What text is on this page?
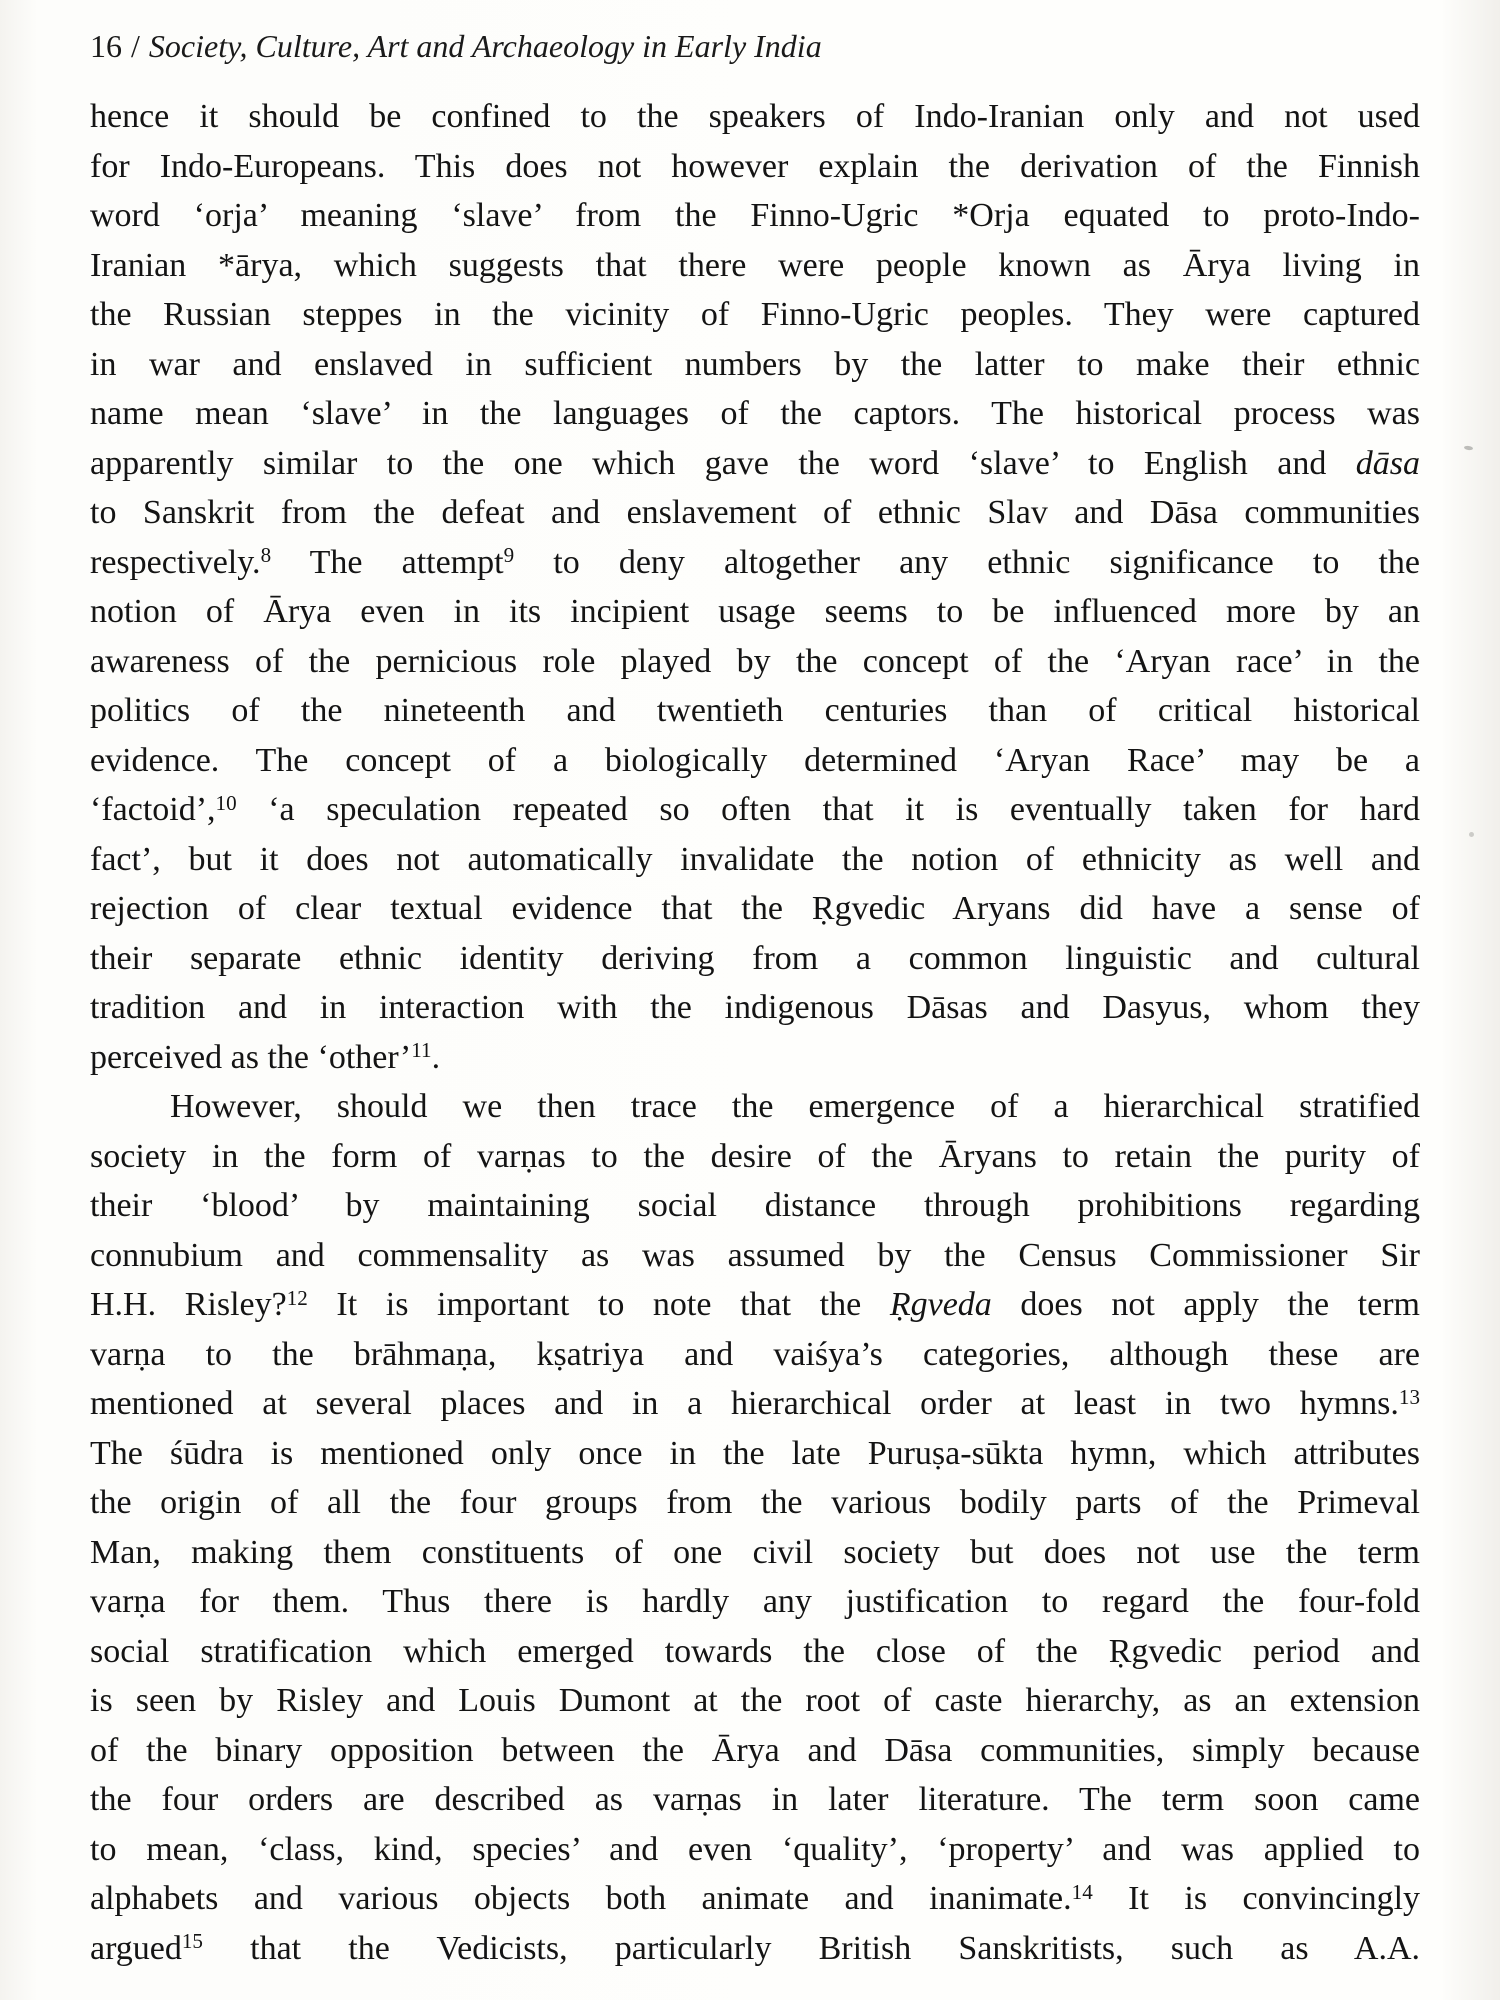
16 / Society, Culture, Art and Archaeology in Early India
hence it should be confined to the speakers of Indo-Iranian only and not used
for Indo-Europeans. This does not however explain the derivation of the Finnish
word ‘orja’ meaning ‘slave’ from the Finno-Ugric *Orja equated to proto-Indo-
Iranian *ārya, which suggests that there were people known as Ārya living in
the Russian steppes in the vicinity of Finno-Ugric peoples. They were captured
in war and enslaved in sufficient numbers by the latter to make their ethnic
name mean ‘slave’ in the languages of the captors. The historical process was
apparently similar to the one which gave the word ‘slave’ to English and dāsa
to Sanskrit from the defeat and enslavement of ethnic Slav and Dāsa communities
respectively.$^8$ The attempt$^9$ to deny altogether any ethnic significance to the
notion of Ārya even in its incipient usage seems to be influenced more by an
awareness of the pernicious role played by the concept of the ‘Aryan race’ in the
politics of the nineteenth and twentieth centuries than of critical historical
evidence. The concept of a biologically determined ‘Aryan Race’ may be a
‘factoid’,$^{10}$ ‘a speculation repeated so often that it is eventually taken for hard
fact’, but it does not automatically invalidate the notion of ethnicity as well and
rejection of clear textual evidence that the Ṛgvedic Aryans did have a sense of
their separate ethnic identity deriving from a common linguistic and cultural
tradition and in interaction with the indigenous Dāsas and Dasyus, whom they
perceived as the ‘other’$^{11}$.
However, should we then trace the emergence of a hierarchical stratified
society in the form of varṇas to the desire of the Āryans to retain the purity of
their ‘blood’ by maintaining social distance through prohibitions regarding
connubium and commensality as was assumed by the Census Commissioner Sir
H.H. Risley?$^{12}$ It is important to note that the Ṛgveda does not apply the term
varṇa to the brāhmaṇa, kṣatriya and vaiśya’s categories, although these are
mentioned at several places and in a hierarchical order at least in two hymns.$^{13}$
The śūdra is mentioned only once in the late Puruṣa-sūkta hymn, which attributes
the origin of all the four groups from the various bodily parts of the Primeval
Man, making them constituents of one civil society but does not use the term
varṇa for them. Thus there is hardly any justification to regard the four-fold
social stratification which emerged towards the close of the Ṛgvedic period and
is seen by Risley and Louis Dumont at the root of caste hierarchy, as an extension
of the binary opposition between the Ārya and Dāsa communities, simply because
the four orders are described as varṇas in later literature. The term soon came
to mean, ‘class, kind, species’ and even ‘quality’, ‘property’ and was applied to
alphabets and various objects both animate and inanimate.$^{14}$ It is convincingly
argued$^{15}$ that the Vedicists, particularly British Sanskritists, such as A.A.
